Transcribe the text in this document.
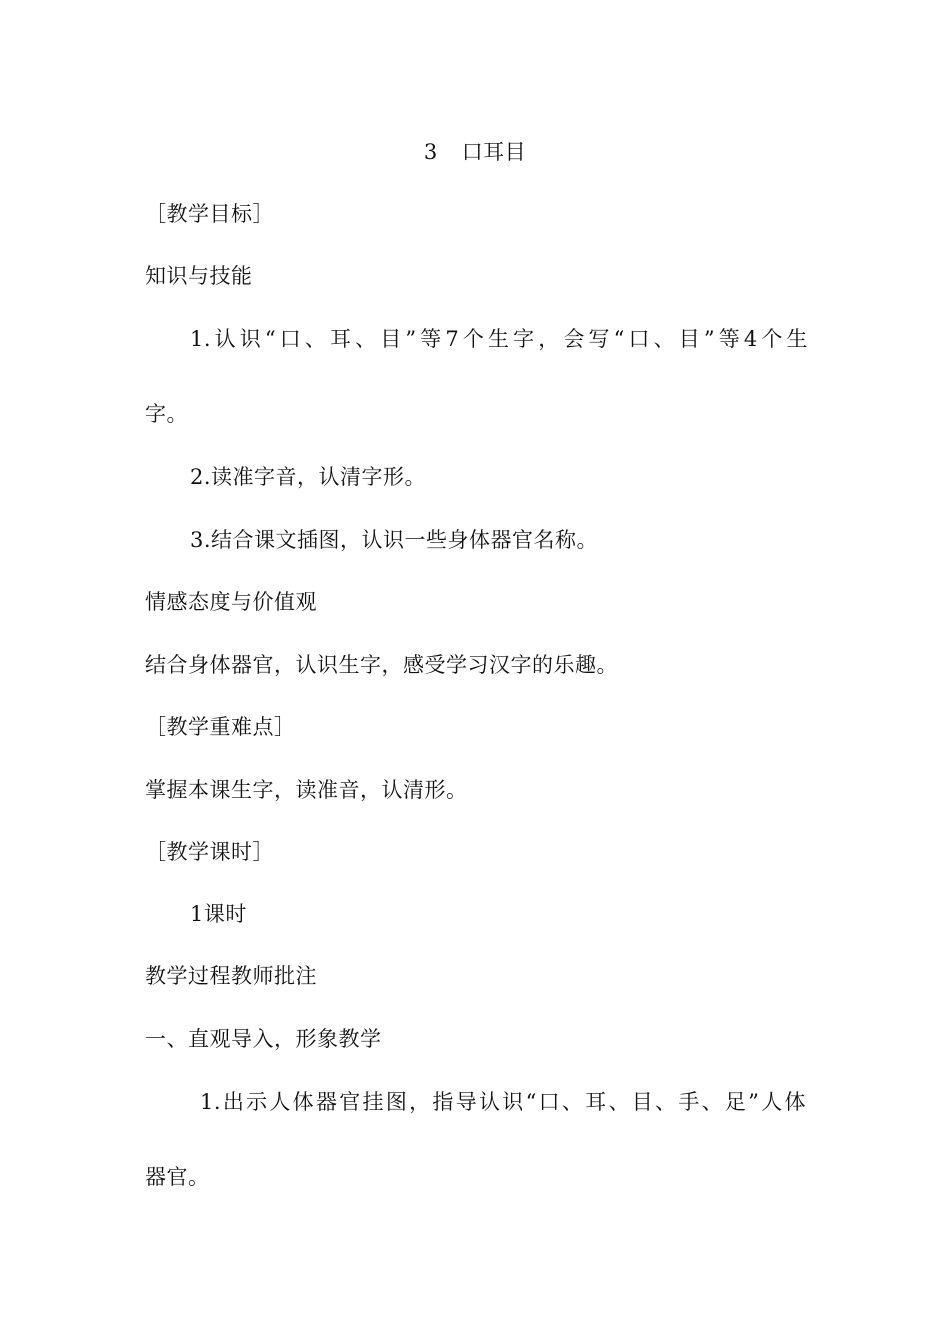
3 口耳目
［教学目标］
知识与技能
1.认识“口、耳、目”等7个生字，会写“口、目”等4个生
字。
2.读准字音，认清字形。
3.结合课文插图，认识一些身体器官名称。
情感态度与价值观
结合身体器官，认识生字，感受学习汉字的乐趣。
［教学重难点］
掌握本课生字，读准音，认清形。
［教学课时］
1课时
教学过程教师批注
一、直观导入，形象教学
1.出示人体器官挂图，指导认识“口、耳、目、手、足”人体
器官。
